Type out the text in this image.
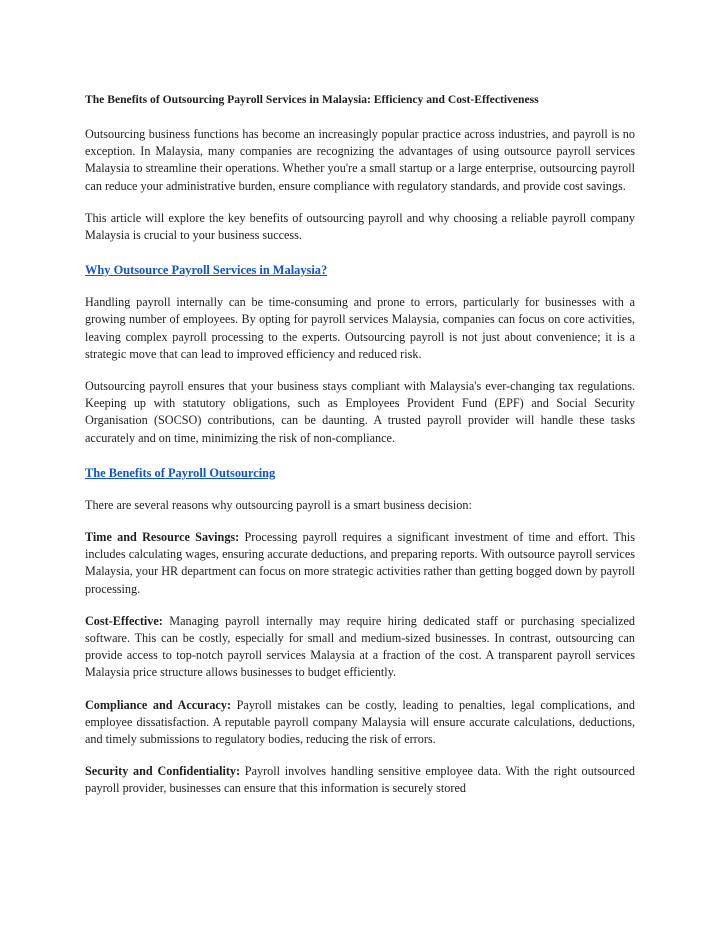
The Benefits of Outsourcing Payroll Services in Malaysia: Efficiency and Cost-Effectiveness

Outsourcing business functions has become an increasingly popular practice across industries, and payroll is no exception. In Malaysia, many companies are recognizing the advantages of using outsource payroll services Malaysia to streamline their operations. Whether you're a small startup or a large enterprise, outsourcing payroll can reduce your administrative burden, ensure compliance with regulatory standards, and provide cost savings.

This article will explore the key benefits of outsourcing payroll and why choosing a reliable payroll company Malaysia is crucial to your business success.

Why Outsource Payroll Services in Malaysia?

Handling payroll internally can be time-consuming and prone to errors, particularly for businesses with a growing number of employees. By opting for payroll services Malaysia, companies can focus on core activities, leaving complex payroll processing to the experts. Outsourcing payroll is not just about convenience; it is a strategic move that can lead to improved efficiency and reduced risk.

Outsourcing payroll ensures that your business stays compliant with Malaysia's ever-changing tax regulations. Keeping up with statutory obligations, such as Employees Provident Fund (EPF) and Social Security Organisation (SOCSO) contributions, can be daunting. A trusted payroll provider will handle these tasks accurately and on time, minimizing the risk of non-compliance.

The Benefits of Payroll Outsourcing

There are several reasons why outsourcing payroll is a smart business decision:

Time and Resource Savings: Processing payroll requires a significant investment of time and effort. This includes calculating wages, ensuring accurate deductions, and preparing reports. With outsource payroll services Malaysia, your HR department can focus on more strategic activities rather than getting bogged down by payroll processing.

Cost-Effective: Managing payroll internally may require hiring dedicated staff or purchasing specialized software. This can be costly, especially for small and medium-sized businesses. In contrast, outsourcing can provide access to top-notch payroll services Malaysia at a fraction of the cost. A transparent payroll services Malaysia price structure allows businesses to budget efficiently.

Compliance and Accuracy: Payroll mistakes can be costly, leading to penalties, legal complications, and employee dissatisfaction. A reputable payroll company Malaysia will ensure accurate calculations, deductions, and timely submissions to regulatory bodies, reducing the risk of errors.

Security and Confidentiality: Payroll involves handling sensitive employee data. With the right outsourced payroll provider, businesses can ensure that this information is securely stored
